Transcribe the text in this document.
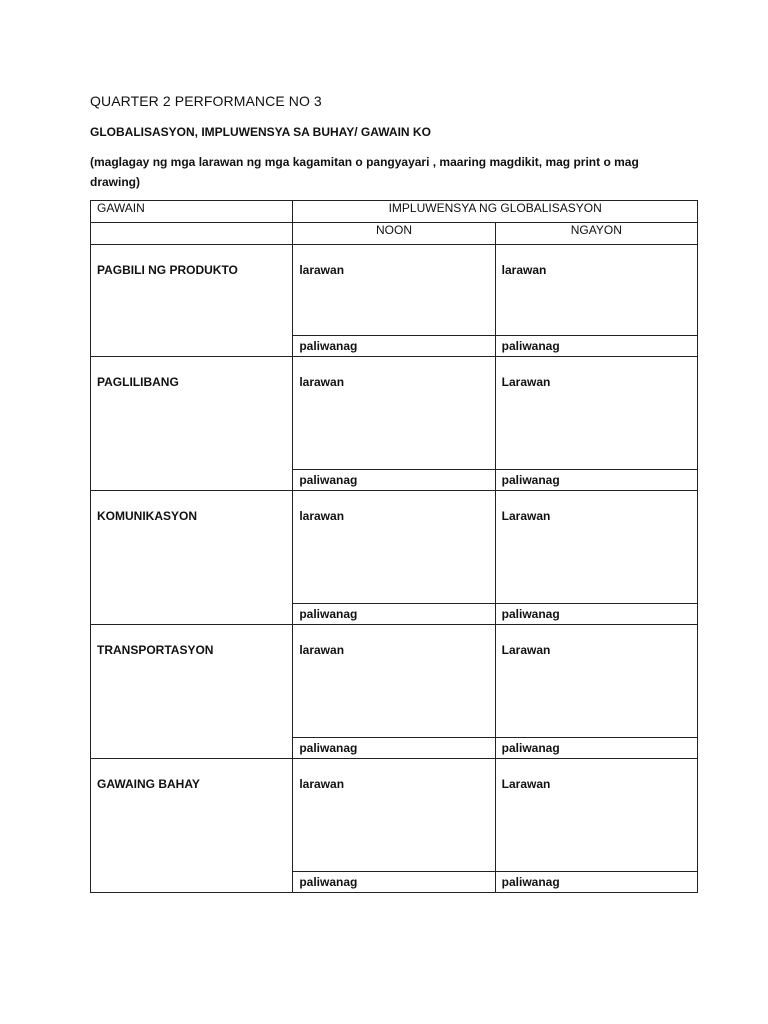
QUARTER 2 PERFORMANCE NO 3
GLOBALISASYON, IMPLUWENSYA SA BUHAY/ GAWAIN KO

(maglagay ng mga larawan ng mga kagamitan o pangyayari , maaring magdikit, mag print o mag drawing)

GAWAIN	IMPLUWENSYA NG GLOBALISASYON	
	NOON	NGAYON
PAGBILI NG PRODUKTO	larawan	larawan
	paliwanag	paliwanag
PAGLILIBANG	larawan	Larawan
	paliwanag	paliwanag
KOMUNIKASYON	larawan	Larawan
	paliwanag	paliwanag
TRANSPORTASYON	larawan	Larawan
	paliwanag	paliwanag
GAWAING BAHAY	larawan	Larawan
	paliwanag	paliwanag
